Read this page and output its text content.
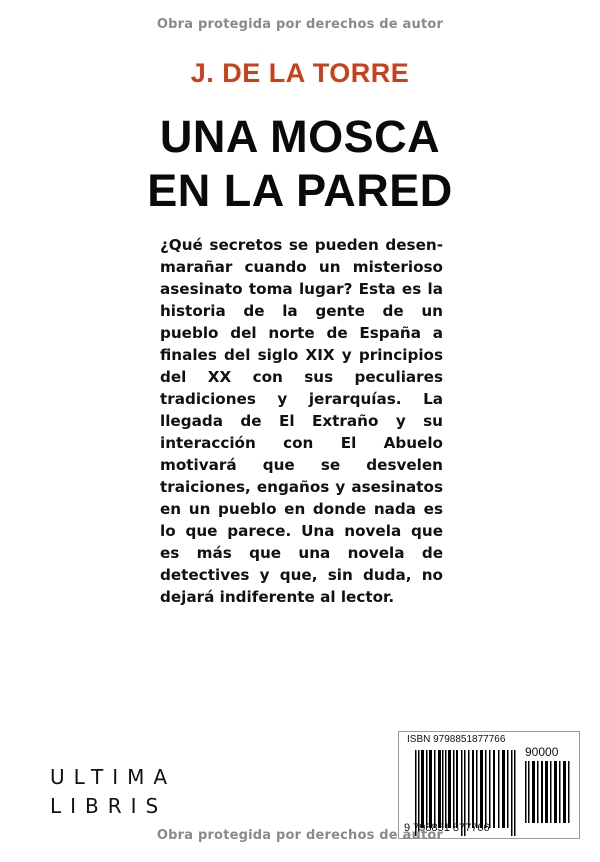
Obra protegida por derechos de autor
J. DE LA TORRE
UNA MOSCA
EN LA PARED
¿Qué secretos se pueden desenmarañar cuando un misterioso asesinato toma lugar? Esta es la historia de la gente de un pueblo del norte de España a finales del siglo XIX y principios del XX con sus peculiares tradiciones y jerarquías. La llegada de El Extraño y su interacción con El Abuelo motivará que se desvelen traiciones, engaños y asesinatos en un pueblo en donde nada es lo que parece. Una novela que es más que una novela de detectives y que, sin duda, no dejará indiferente al lector.
ULTIMA
LIBRIS
ISBN 9798851877766
90000
9 798851 877766
Obra protegida por derechos de autor
